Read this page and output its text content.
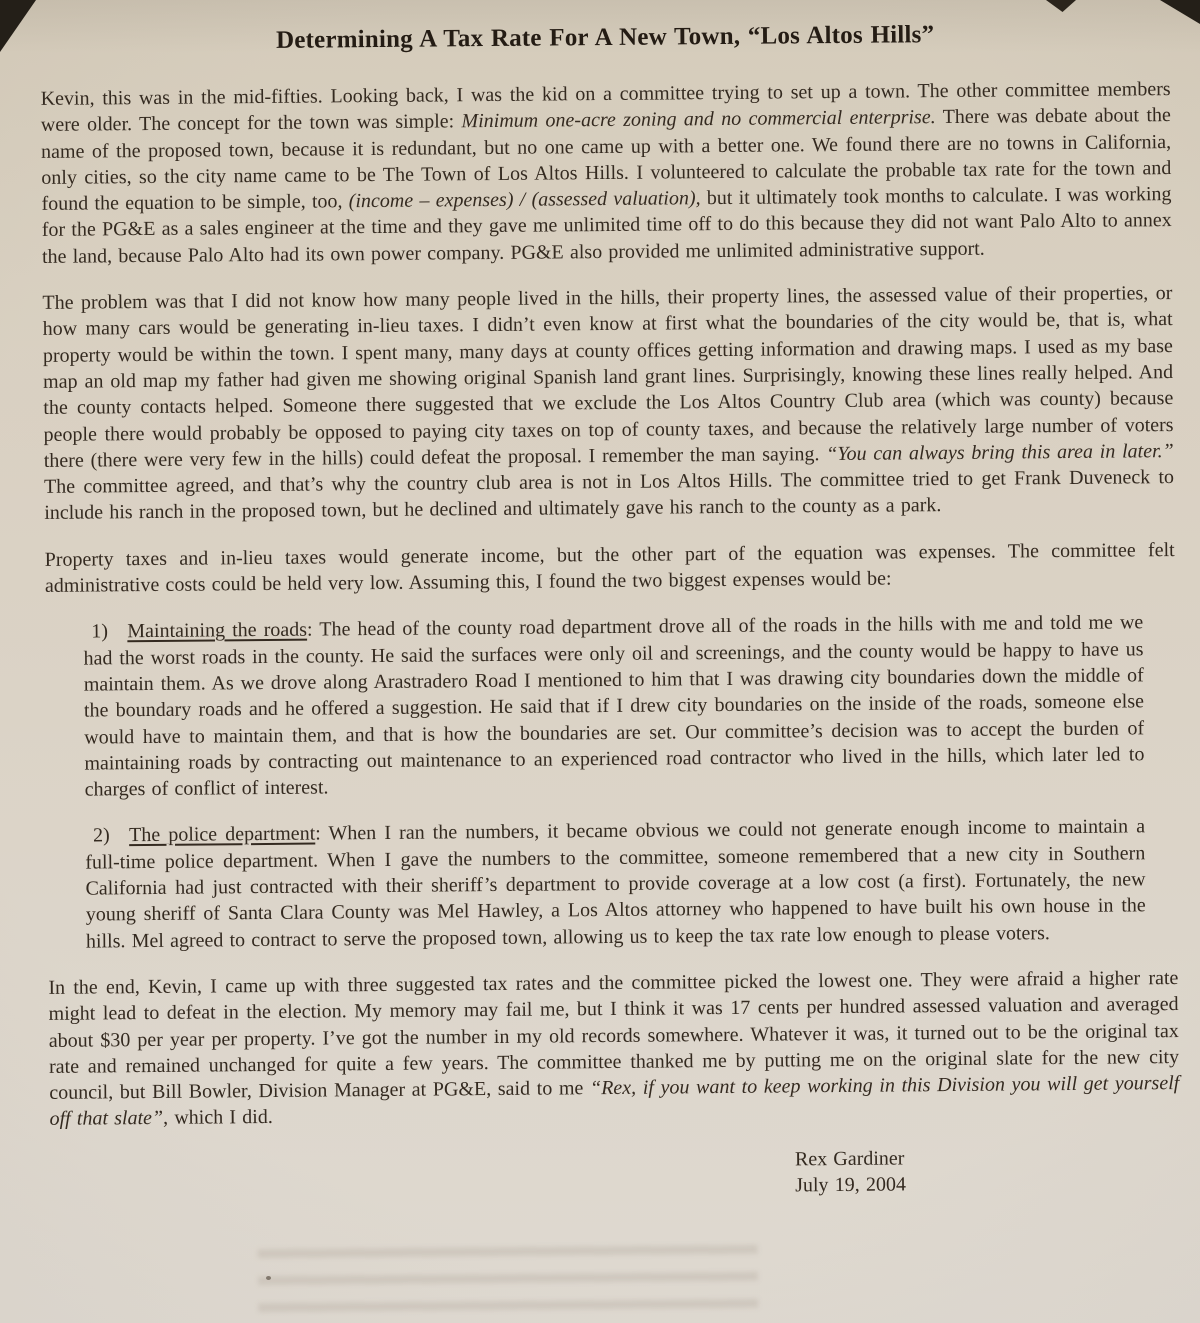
Determining A Tax Rate For A New Town, “Los Altos Hills”
Kevin, this was in the mid-fifties. Looking back, I was the kid on a committee trying to set up a town. The other committee members were older. The concept for the town was simple: Minimum one-acre zoning and no commercial enterprise. There was debate about the name of the proposed town, because it is redundant, but no one came up with a better one. We found there are no towns in California, only cities, so the city name came to be The Town of Los Altos Hills. I volunteered to calculate the probable tax rate for the town and found the equation to be simple, too, (income – expenses) / (assessed valuation), but it ultimately took months to calculate. I was working for the PG&E as a sales engineer at the time and they gave me unlimited time off to do this because they did not want Palo Alto to annex the land, because Palo Alto had its own power company. PG&E also provided me unlimited administrative support.
The problem was that I did not know how many people lived in the hills, their property lines, the assessed value of their properties, or how many cars would be generating in-lieu taxes. I didn’t even know at first what the boundaries of the city would be, that is, what property would be within the town. I spent many, many days at county offices getting information and drawing maps. I used as my base map an old map my father had given me showing original Spanish land grant lines. Surprisingly, knowing these lines really helped. And the county contacts helped. Someone there suggested that we exclude the Los Altos Country Club area (which was county) because people there would probably be opposed to paying city taxes on top of county taxes, and because the relatively large number of voters there (there were very few in the hills) could defeat the proposal. I remember the man saying. “You can always bring this area in later.” The committee agreed, and that’s why the country club area is not in Los Altos Hills. The committee tried to get Frank Duveneck to include his ranch in the proposed town, but he declined and ultimately gave his ranch to the county as a park.
Property taxes and in-lieu taxes would generate income, but the other part of the equation was expenses. The committee felt administrative costs could be held very low. Assuming this, I found the two biggest expenses would be:
1) Maintaining the roads: The head of the county road department drove all of the roads in the hills with me and told me we had the worst roads in the county. He said the surfaces were only oil and screenings, and the county would be happy to have us maintain them. As we drove along Arastradero Road I mentioned to him that I was drawing city boundaries down the middle of the boundary roads and he offered a suggestion. He said that if I drew city boundaries on the inside of the roads, someone else would have to maintain them, and that is how the boundaries are set. Our committee’s decision was to accept the burden of maintaining roads by contracting out maintenance to an experienced road contractor who lived in the hills, which later led to charges of conflict of interest.
2) The police department: When I ran the numbers, it became obvious we could not generate enough income to maintain a full-time police department. When I gave the numbers to the committee, someone remembered that a new city in Southern California had just contracted with their sheriff’s department to provide coverage at a low cost (a first). Fortunately, the new young sheriff of Santa Clara County was Mel Hawley, a Los Altos attorney who happened to have built his own house in the hills. Mel agreed to contract to serve the proposed town, allowing us to keep the tax rate low enough to please voters.
In the end, Kevin, I came up with three suggested tax rates and the committee picked the lowest one. They were afraid a higher rate might lead to defeat in the election. My memory may fail me, but I think it was 17 cents per hundred assessed valuation and averaged about $30 per year per property. I’ve got the number in my old records somewhere. Whatever it was, it turned out to be the original tax rate and remained unchanged for quite a few years. The committee thanked me by putting me on the original slate for the new city council, but Bill Bowler, Division Manager at PG&E, said to me “Rex, if you want to keep working in this Division you will get yourself off that slate”, which I did.
Rex Gardiner
July 19, 2004
